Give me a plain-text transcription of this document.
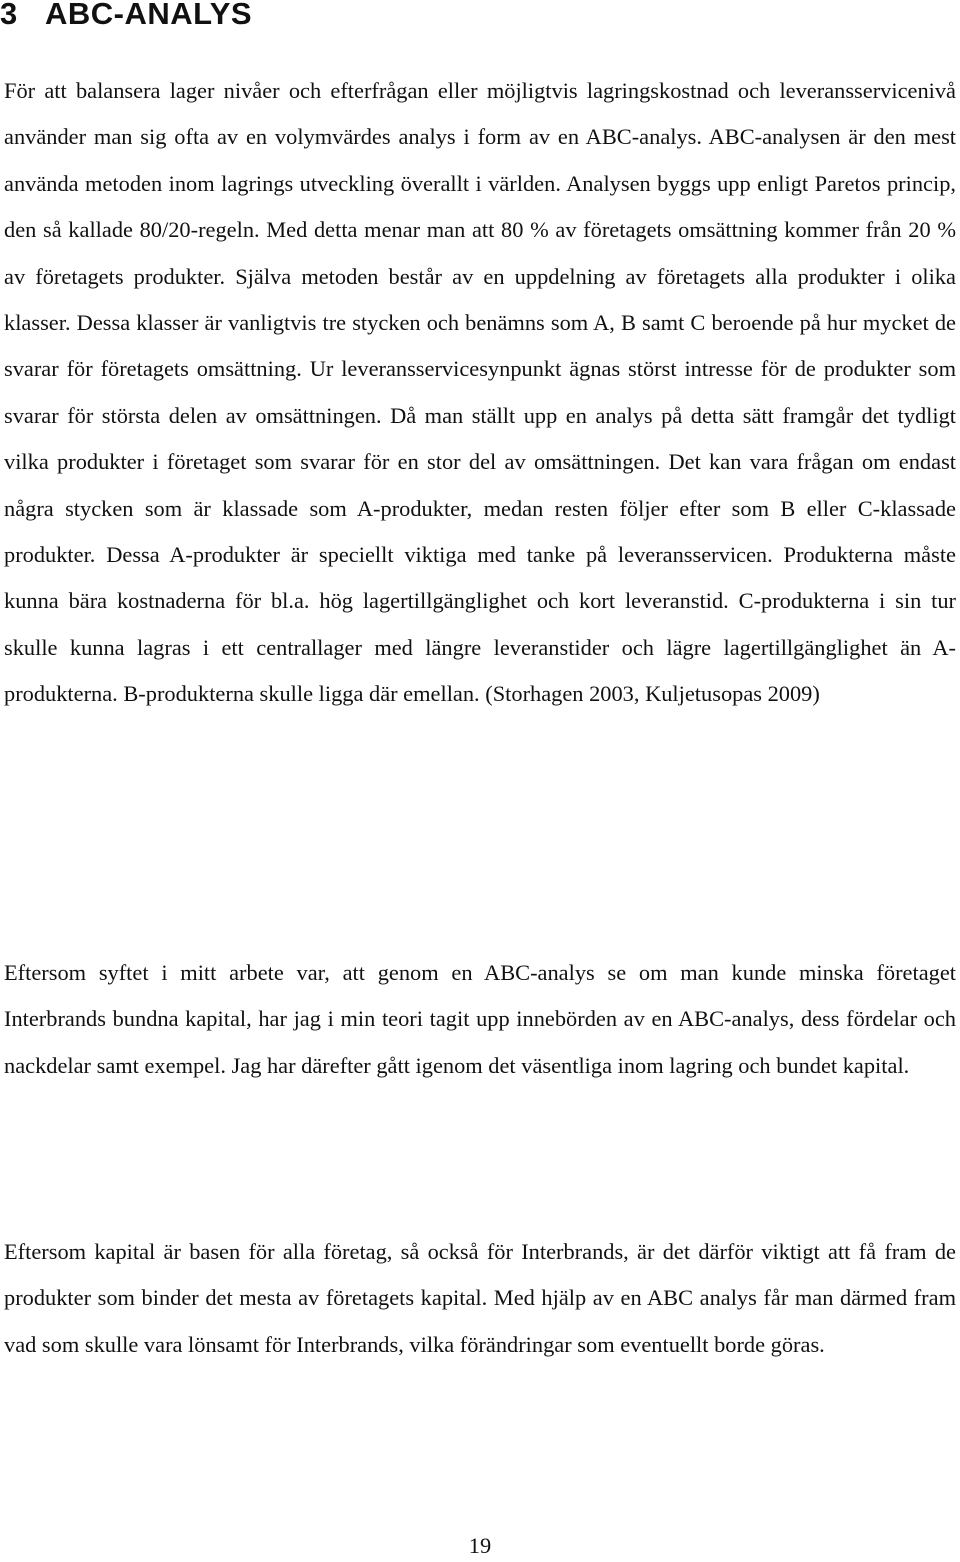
3 ABC-ANALYS

För att balansera lager nivåer och efterfrågan eller möjligtvis lagringskostnad och leveransservicenivå använder man sig ofta av en volymvärdes analys i form av en ABC-analys. ABC-analysen är den mest använda metoden inom lagrings utveckling överallt i världen. Analysen byggs upp enligt Paretos princip, den så kallade 80/20-regeln. Med detta menar man att 80 % av företagets omsättning kommer från 20 % av företagets produkter. Själva metoden består av en uppdelning av företagets alla produkter i olika klasser. Dessa klasser är vanligtvis tre stycken och benämns som A, B samt C beroende på hur mycket de svarar för företagets omsättning. Ur leveransservicesynpunkt ägnas störst intresse för de produkter som svarar för största delen av omsättningen. Då man ställt upp en analys på detta sätt framgår det tydligt vilka produkter i företaget som svarar för en stor del av omsättningen. Det kan vara frågan om endast några stycken som är klassade som A-produkter, medan resten följer efter som B eller C-klassade produkter. Dessa A-produkter är speciellt viktiga med tanke på leveransservicen. Produkterna måste kunna bära kostnaderna för bl.a. hög lagertillgänglighet och kort leveranstid. C-produkterna i sin tur skulle kunna lagras i ett centrallager med längre leveranstider och lägre lagertillgänglighet än A-produkterna. B-produkterna skulle ligga där emellan. (Storhagen 2003, Kuljetusopas 2009)

Eftersom syftet i mitt arbete var, att genom en ABC-analys se om man kunde minska företaget Interbrands bundna kapital, har jag i min teori tagit upp innebörden av en ABC-analys, dess fördelar och nackdelar samt exempel. Jag har därefter gått igenom det väsentliga inom lagring och bundet kapital.

Eftersom kapital är basen för alla företag, så också för Interbrands, är det därför viktigt att få fram de produkter som binder det mesta av företagets kapital. Med hjälp av en ABC analys får man därmed fram vad som skulle vara lönsamt för Interbrands, vilka förändringar som eventuellt borde göras.

19
